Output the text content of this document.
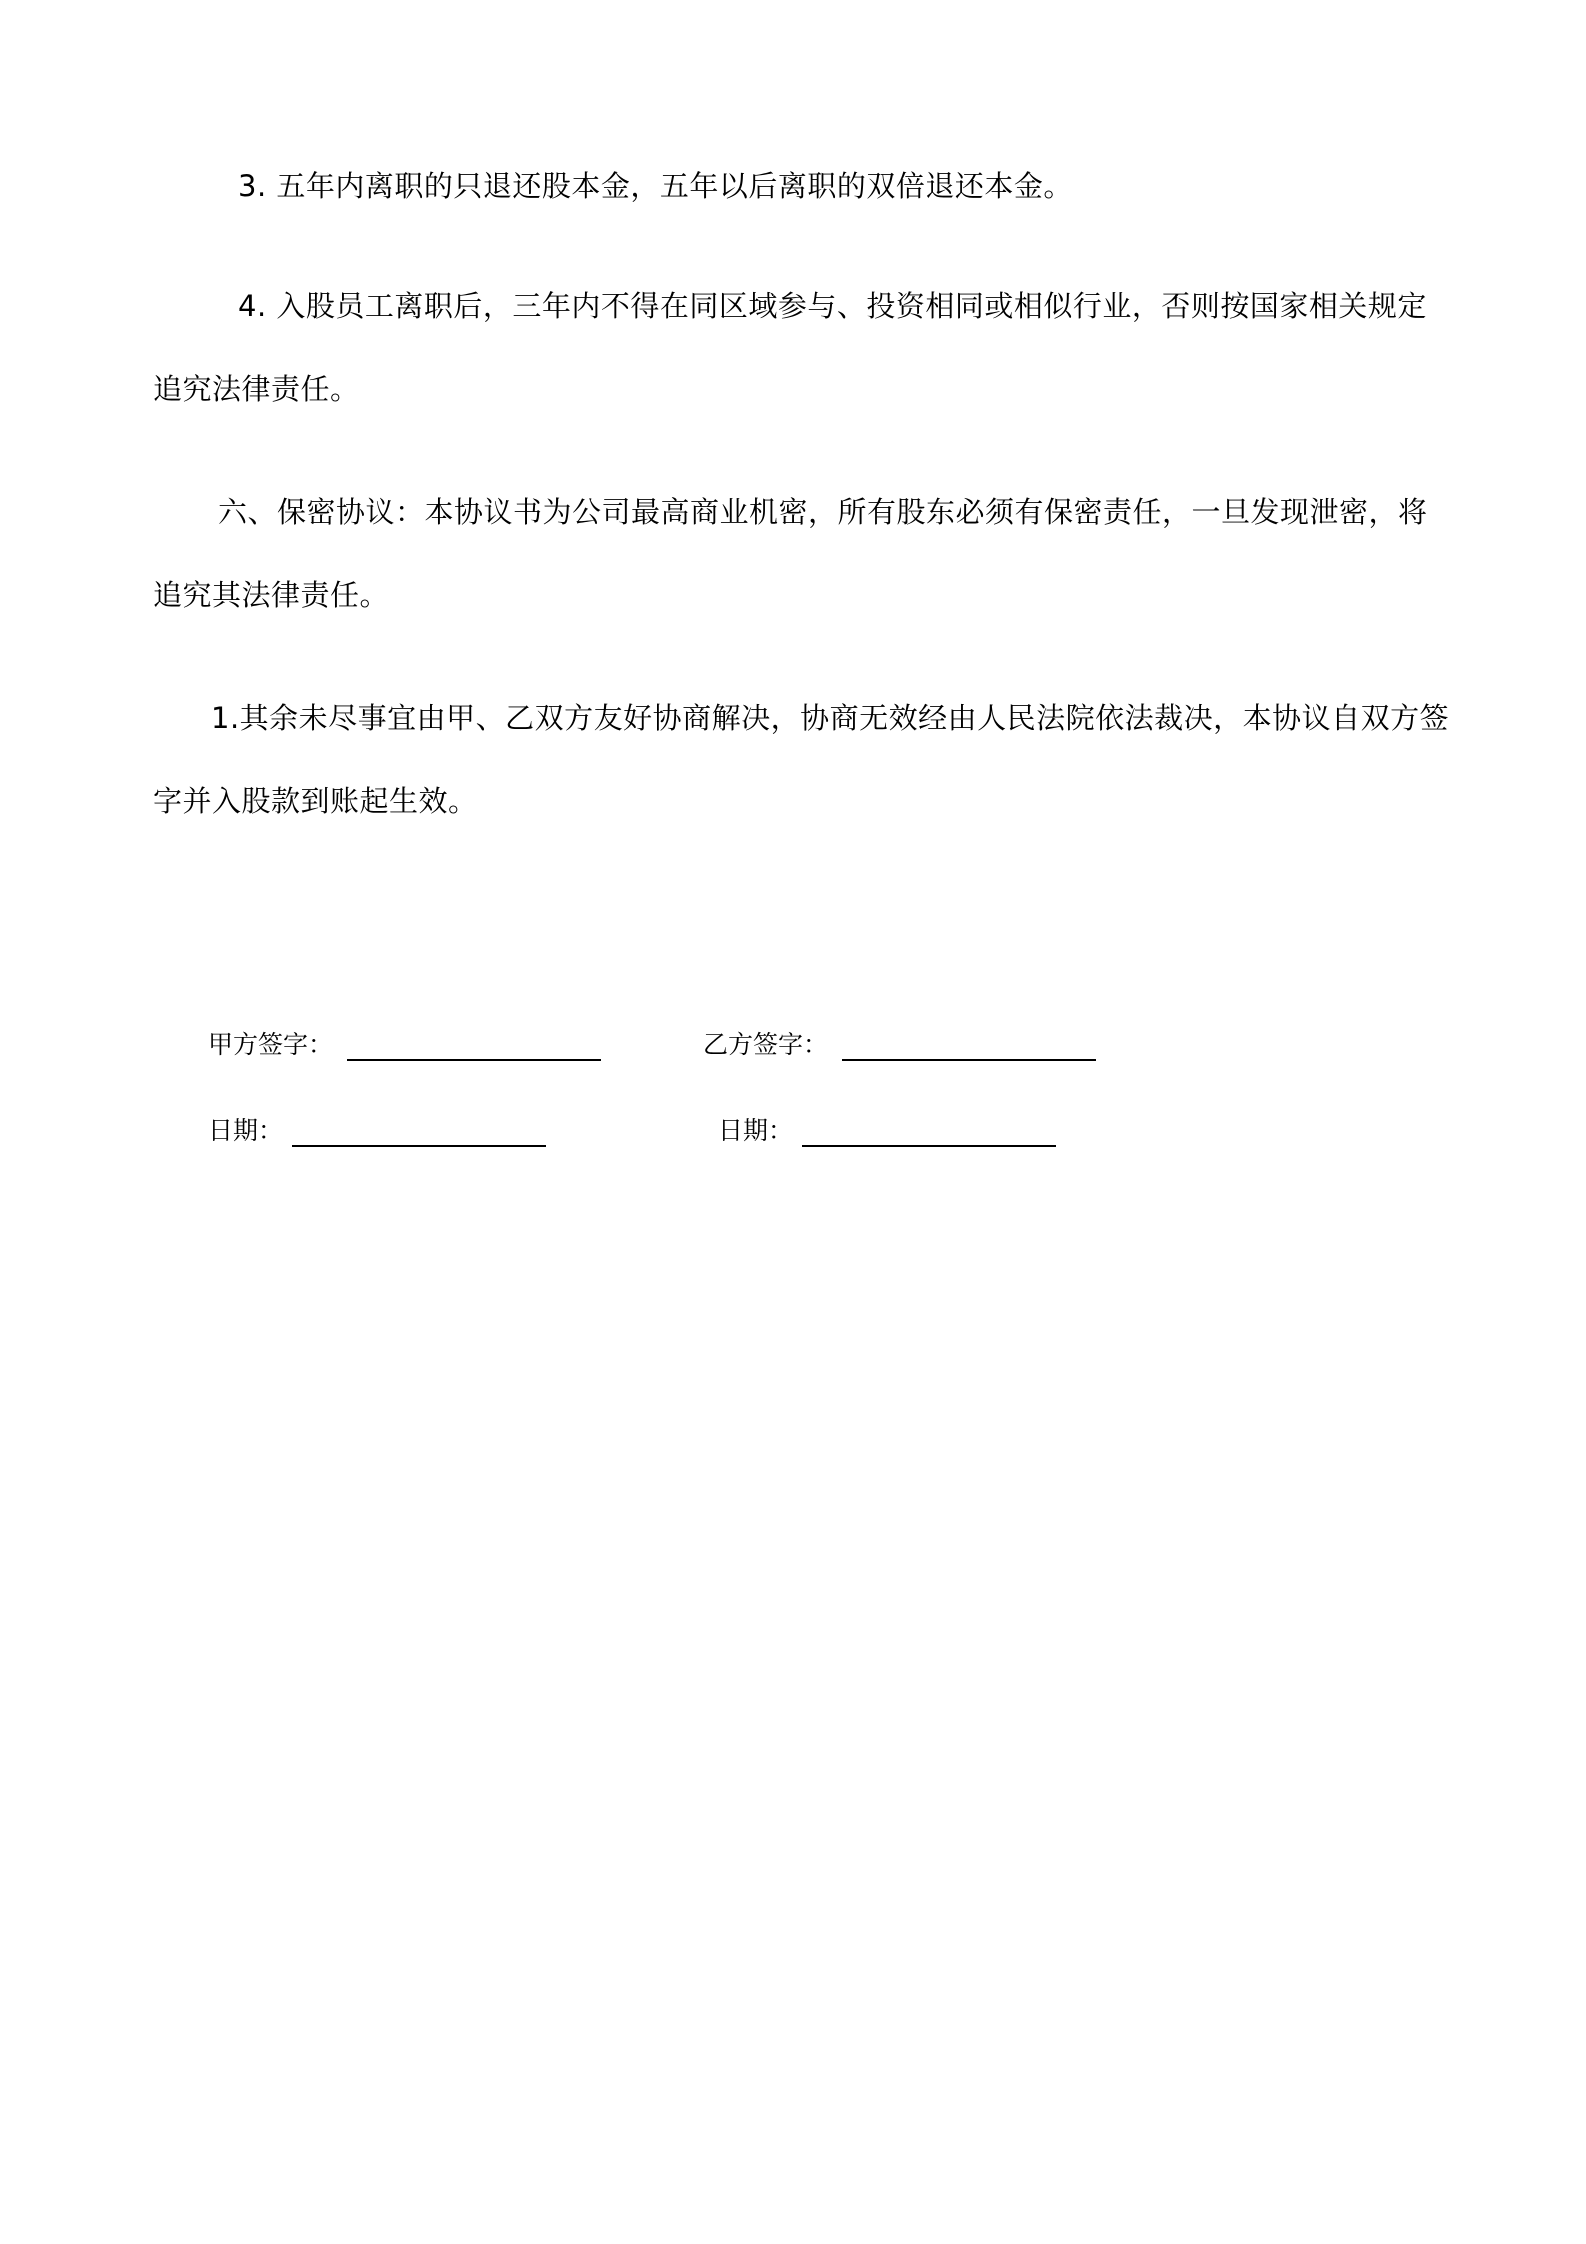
3. 五年内离职的只退还股本金，五年以后离职的双倍退还本金。

4. 入股员工离职后，三年内不得在同区域参与、投资相同或相似行业，否则按国家相关规定追究法律责任。

六、保密协议：本协议书为公司最高商业机密，所有股东必须有保密责任，一旦发现泄密，将追究其法律责任。

1.其余未尽事宜由甲、乙双方友好协商解决，协商无效经由人民法院依法裁决，本协议自双方签字并入股款到账起生效。

甲方签字：	乙方签字：
日期：	日期：
